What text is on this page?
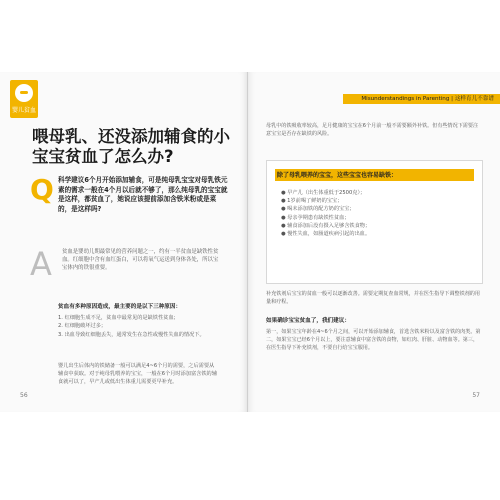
婴儿贫血
喂母乳、还没添加辅食的小宝宝贫血了怎么办?
Q 科学建议6个月开始添加辅食，可是纯母乳宝宝对母乳铁元素的需求一般在4个月以后就不够了，那么纯母乳的宝宝就是这样，都贫血了，她说应该提前添加含铁米粉或是菜的，是这样吗?
A 贫血是婴幼儿期最常见的营养问题之一，约有一半贫血是缺铁性贫血。红细胞中含有血红蛋白，可以将氧气运送到身体各处，所以宝宝体内的铁很重要。
贫血有多种原因造成，最主要的是以下三种原因：
1. 红细胞生成不足，贫血中最常见的是缺铁性贫血；
2. 红细胞破坏过多；
3. 出血导致红细胞丢失，通常发生在急性或慢性失血的情况下。
婴儿出生后体内的铁储备一般可以满足4~6个月的需要，之后需要从辅食中获取。对于纯母乳喂养的宝宝，一般在6个月时添加富含铁的辅食就可以了，早产儿或低出生体重儿需要更早补充。
56
Misunderstandings in Parenting | 这样育儿不靠谱
母乳中的铁吸收率较高，足月健康的宝宝在6个月前一般不需要额外补铁。但有些情况下需要注意宝宝是否存在缺铁的风险。
除了母乳喂养的宝宝，这些宝宝也容易缺铁：
● 早产儿（出生体重低于2500克）；
● 1岁前喝了鲜奶的宝宝；
● 喝未添加铁的配方奶的宝宝；
● 母亲孕期患有缺铁性贫血；
● 辅食添加后没有摄入足够含铁食物；
● 慢性失血，如肠道疾病引起的出血。
补充铁剂后宝宝的贫血一般可以逐渐改善。需要定期复查血常规，并在医生指导下调整铁剂的用量和疗程。
如果确诊宝宝贫血了，我们建议：
第一，如果宝宝年龄在4~6个月之间，可以开始添加辅食，首选含铁米粉以及富含铁的肉类。第二，如果宝宝已经6个月以上，要注意辅食中富含铁的食物，如红肉、肝脏、动物血等。第三，在医生指导下补充铁剂，不要自行给宝宝服用。
57
